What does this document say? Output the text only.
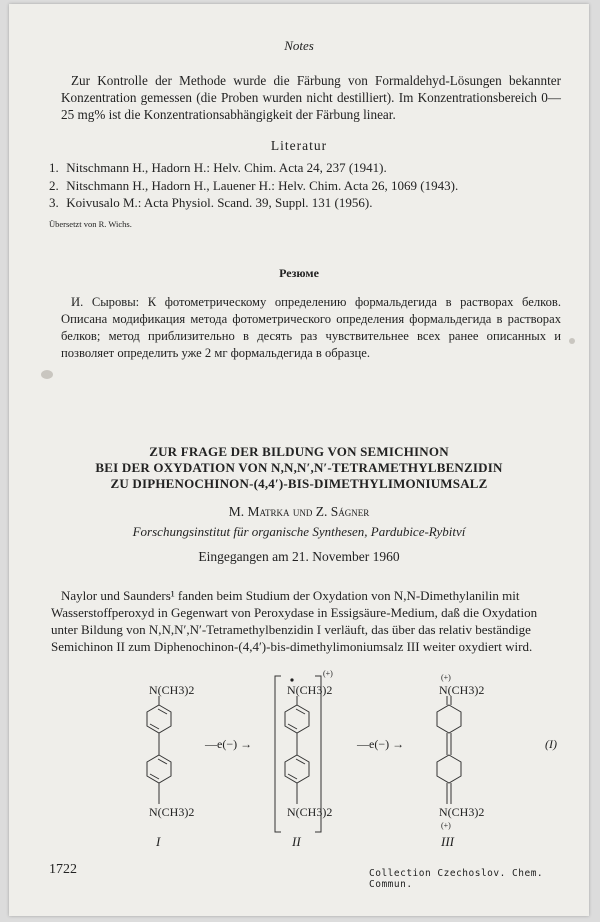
Notes

Zur Kontrolle der Methode wurde die Färbung von Formaldehyd-Lösungen bekannter Konzentration gemessen (die Proben wurden nicht destilliert). Im Konzentrationsbereich 0—25 mg% ist die Konzentrationsabhängigkeit der Färbung linear.

Literatur
1. Nitschmann H., Hadorn H.: Helv. Chim. Acta 24, 237 (1941).
2. Nitschmann H., Hadorn H., Lauener H.: Helv. Chim. Acta 26, 1069 (1943).
3. Koivusalo M.: Acta Physiol. Scand. 39, Suppl. 131 (1956).
Übersetzt von R. Wichs.
Резюме

И. Сыровы: К фотометрическому определению формальдегида в растворах белков. Описана модификация метода фотометрического определения формальдегида в растворах белков; метод приблизительно в десять раз чувствительнее всех ранее описанных и позволяет определить уже 2 мг формальдегида в образце.

ZUR FRAGE DER BILDUNG VON SEMICHINON
BEI DER OXYDATION VON N,N,N′,N′-TETRAMETHYLBENZIDIN
ZU DIPHENOCHINON-(4,4′)-BIS-DIMETHYLIMONIUMSALZ
M. Matrka und Z. Ságner
Forschungsinstitut für organische Synthesen, Pardubice-Rybitví
Eingegangen am 21. November 1960
Naylor und Saunders¹ fanden beim Studium der Oxydation von N,N-Dimethylanilin mit
Wasserstoffperoxyd in Gegenwart von Peroxydase in Essigsäure-Medium, daß die Oxydation
unter Bildung von N,N,N′,N′-Tetramethylbenzidin I verläuft, das über das relativ beständige
Semichinon II zum Diphenochinon-(4,4′)-bis-dimethylimoniumsalz III weiter oxydiert wird.
N(CH3)2
N(CH3)2
N(CH3)2
N(CH3)2
N(CH3)2
N(CH3)2
(+)	(+)
(+)
—e(−) →	—e(−) →
I	II	III
(I)
1722	Collection Czechoslov. Chem. Commun.
